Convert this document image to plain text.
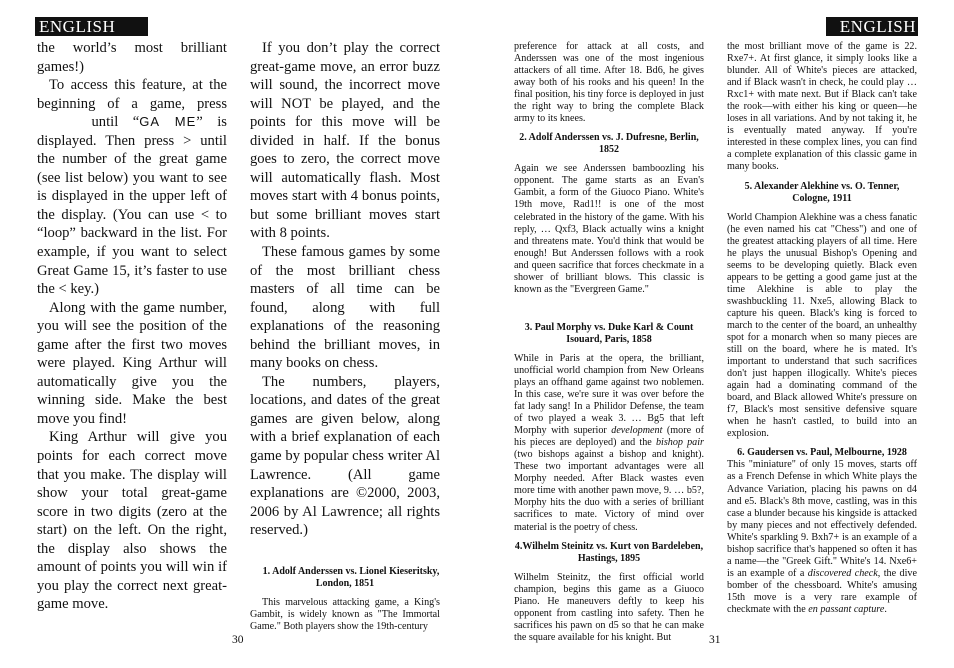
ENGLISH

the world’s most brilliant games!)

To access this feature, at the beginning of a game, press until “GA ME” is displayed. Then press > until the number of the great game (see list below) you want to see is displayed in the upper left of the display. (You can use < to “loop” backward in the list. For example, if you want to select Great Game 15, it’s faster to use the < key.)

Along with the game number, you will see the position of the game after the first two moves were played. King Arthur will automatically give you the winning side. Make the best move you find!

King Arthur will give you points for each correct move that you make. The display will show your total great-game score in two digits (zero at the start) on the left. On the right, the display also shows the amount of points you will win if you play the correct next great-game move.

If you don’t play the correct great-game move, an error buzz will sound, the incorrect move will NOT be played, and the points for this move will be divided in half. If the bonus goes to zero, the correct move will automatically flash. Most moves start with 4 bonus points, but some brilliant moves start with 8 points.

These famous games by some of the most brilliant chess masters of all time can be found, along with full explanations of the reasoning behind the brilliant moves, in many books on chess.

The numbers, players, locations, and dates of the great games are given below, along with a brief explanation of each game by popular chess writer Al Lawrence. (All game explanations are ©2000, 2003, 2006 by Al Lawrence; all rights reserved.)

1. Adolf Anderssen vs. Lionel Kieseritsky, London, 1851

This marvelous attacking game, a King's Gambit, is widely known as "The Immortal Game." Both players show the 19th-century

30
ENGLISH

preference for attack at all costs, and Anderssen was one of the most ingenious attackers of all time. After 18. Bd6, he gives away both of his rooks and his queen! In the final position, his tiny force is deployed in just the right way to bring the complete Black army to its knees.

2. Adolf Anderssen vs. J. Dufresne, Berlin, 1852

Again we see Anderssen bamboozling his opponent. The game starts as an Evan's Gambit, a form of the Giuoco Piano. White's 19th move, Rad1!! is one of the most celebrated in the history of the game. With his reply, … Qxf3, Black actually wins a knight and threatens mate. You'd think that would be enough! But Anderssen follows with a rook and queen sacrifice that forces checkmate in a shower of brilliant blows. This classic is known as the "Evergreen Game."

3. Paul Morphy vs. Duke Karl & Count Isouard, Paris, 1858

While in Paris at the opera, the brilliant, unofficial world champion from New Orleans plays an offhand game against two noblemen. In this case, we're sure it was over before the fat lady sang! In a Philidor Defense, the team of two played a weak 3. … Bg5 that left Morphy with superior development (more of his pieces are deployed) and the bishop pair (two bishops against a bishop and knight). These two important advantages were all Morphy needed. After Black wastes even more time with another pawn move, 9. … b5?, Morphy hits the duo with a series of brilliant sacrifices to mate. Victory of mind over material is the poetry of chess.

4.Wilhelm Steinitz vs. Kurt von Bardeleben, Hastings, 1895

Wilhelm Steinitz, the first official world champion, begins this game as a Giuoco Piano. He maneuvers deftly to keep his opponent from castling into safety. Then he sacrifices his pawn on d5 so that he can make the square available for his knight. But

the most brilliant move of the game is 22. Rxe7+. At first glance, it simply looks like a blunder. All of White's pieces are attacked, and if Black wasn't in check, he could play … Rxc1+ with mate next. But if Black can't take the rook—with either his king or queen—he loses in all variations. And by not taking it, he is eventually mated anyway. If you're interested in these complex lines, you can find a complete explanation of this classic game in many books.

5. Alexander Alekhine vs. O. Tenner, Cologne, 1911

World Champion Alekhine was a chess fanatic (he even named his cat "Chess") and one of the greatest attacking players of all time. Here he plays the unusual Bishop's Opening and seems to be developing quietly. Black even appears to be getting a good game just at the time Alekhine is able to play the swashbuckling 11. Nxe5, allowing Black to capture his queen. Black's king is forced to march to the center of the board, an unhealthy spot for a monarch when so many pieces are still on the board, where he is mated. It's important to understand that such sacrifices don't just happen illogically. White's pieces again had a dominating command of the board, and Black allowed White's pressure on f7, Black's most sensitive defensive square when he hasn't castled, to build into an explosion.

6. Gaudersen vs. Paul, Melbourne, 1928

This "miniature" of only 15 moves, starts off as a French Defense in which White plays the Advance Variation, placing his pawns on d4 and e5. Black's 8th move, castling, was in this case a blunder because his kingside is attacked by many pieces and not effectively defended. White's sparkling 9. Bxh7+ is an example of a bishop sacrifice that's happened so often it has a name—the "Greek Gift." White's 14. Nxe6+ is an example of a discovered check, the dive bomber of the chessboard. White's amusing 15th move is a very rare example of checkmate with the en passant capture.

31
